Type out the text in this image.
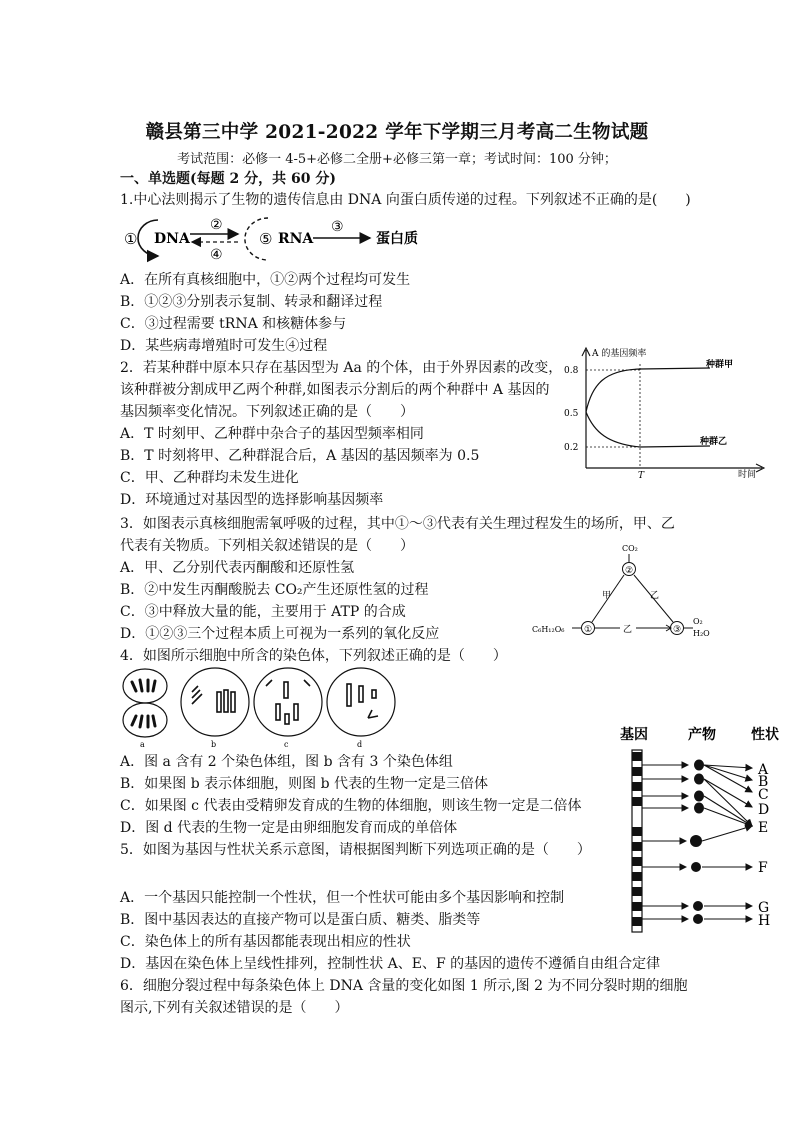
赣县第三中学 2021-2022 学年下学期三月考高二生物试题
考试范围：必修一 4-5+必修二全册+必修三第一章；考试时间：100 分钟；
一、单选题(每题 2 分，共 60 分)
1.中心法则揭示了生物的遗传信息由 DNA 向蛋白质传递的过程。下列叙述不正确的是(　　)
① DNA
②
④
⑤ RNA
③
蛋白质
A．在所有真核细胞中，①②两个过程均可发生
B．①②③分别表示复制、转录和翻译过程
C．③过程需要 tRNA 和核糖体参与
D．某些病毒增殖时可发生④过程
2．若某种群中原本只存在基因型为 Aa 的个体，由于外界因素的改变，
该种群被分割成甲乙两个种群,如图表示分割后的两个种群中 A 基因的
基因频率变化情况。下列叙述正确的是（　　）
A．T 时刻甲、乙种群中杂合子的基因型频率相同
B．T 时刻将甲、乙种群混合后，A 基因的基因频率为 0.5
C．甲、乙种群均未发生进化
D．环境通过对基因型的选择影响基因频率
A 的基因频率
0.8
0.5
0.2
种群甲
种群乙
T	时间
3．如图表示真核细胞需氧呼吸的过程，其中①～③代表有关生理过程发生的场所，甲、乙
代表有关物质。下列相关叙述错误的是（　　）
A．甲、乙分别代表丙酮酸和还原性氢
B．②中发生丙酮酸脱去 CO₂产生还原性氢的过程
C．③中释放大量的能，主要用于 ATP 的合成
D．①②③三个过程本质上可视为一系列的氧化反应
CO₂
②
甲	乙
C₆H₁₂O₆ ①	乙	③
O₂
H₂O
4．如图所示细胞中所含的染色体，下列叙述正确的是（　　）
a	b	c	d
A．图 a 含有 2 个染色体组，图 b 含有 3 个染色体组
B．如果图 b 表示体细胞，则图 b 代表的生物一定是三倍体
C．如果图 c 代表由受精卵发育成的生物的体细胞，则该生物一定是二倍体
D．图 d 代表的生物一定是由卵细胞发育而成的单倍体
5．如图为基因与性状关系示意图，请根据图判断下列选项正确的是（　　）
基因	产物	性状
A
B
C
D
E
F
G
H
A．一个基因只能控制一个性状，但一个性状可能由多个基因影响和控制
B．图中基因表达的直接产物可以是蛋白质、糖类、脂类等
C．染色体上的所有基因都能表现出相应的性状
D．基因在染色体上呈线性排列，控制性状 A、E、F 的基因的遗传不遵循自由组合定律
6．细胞分裂过程中每条染色体上 DNA 含量的变化如图 1 所示,图 2 为不同分裂时期的细胞
图示,下列有关叙述错误的是（　　）
